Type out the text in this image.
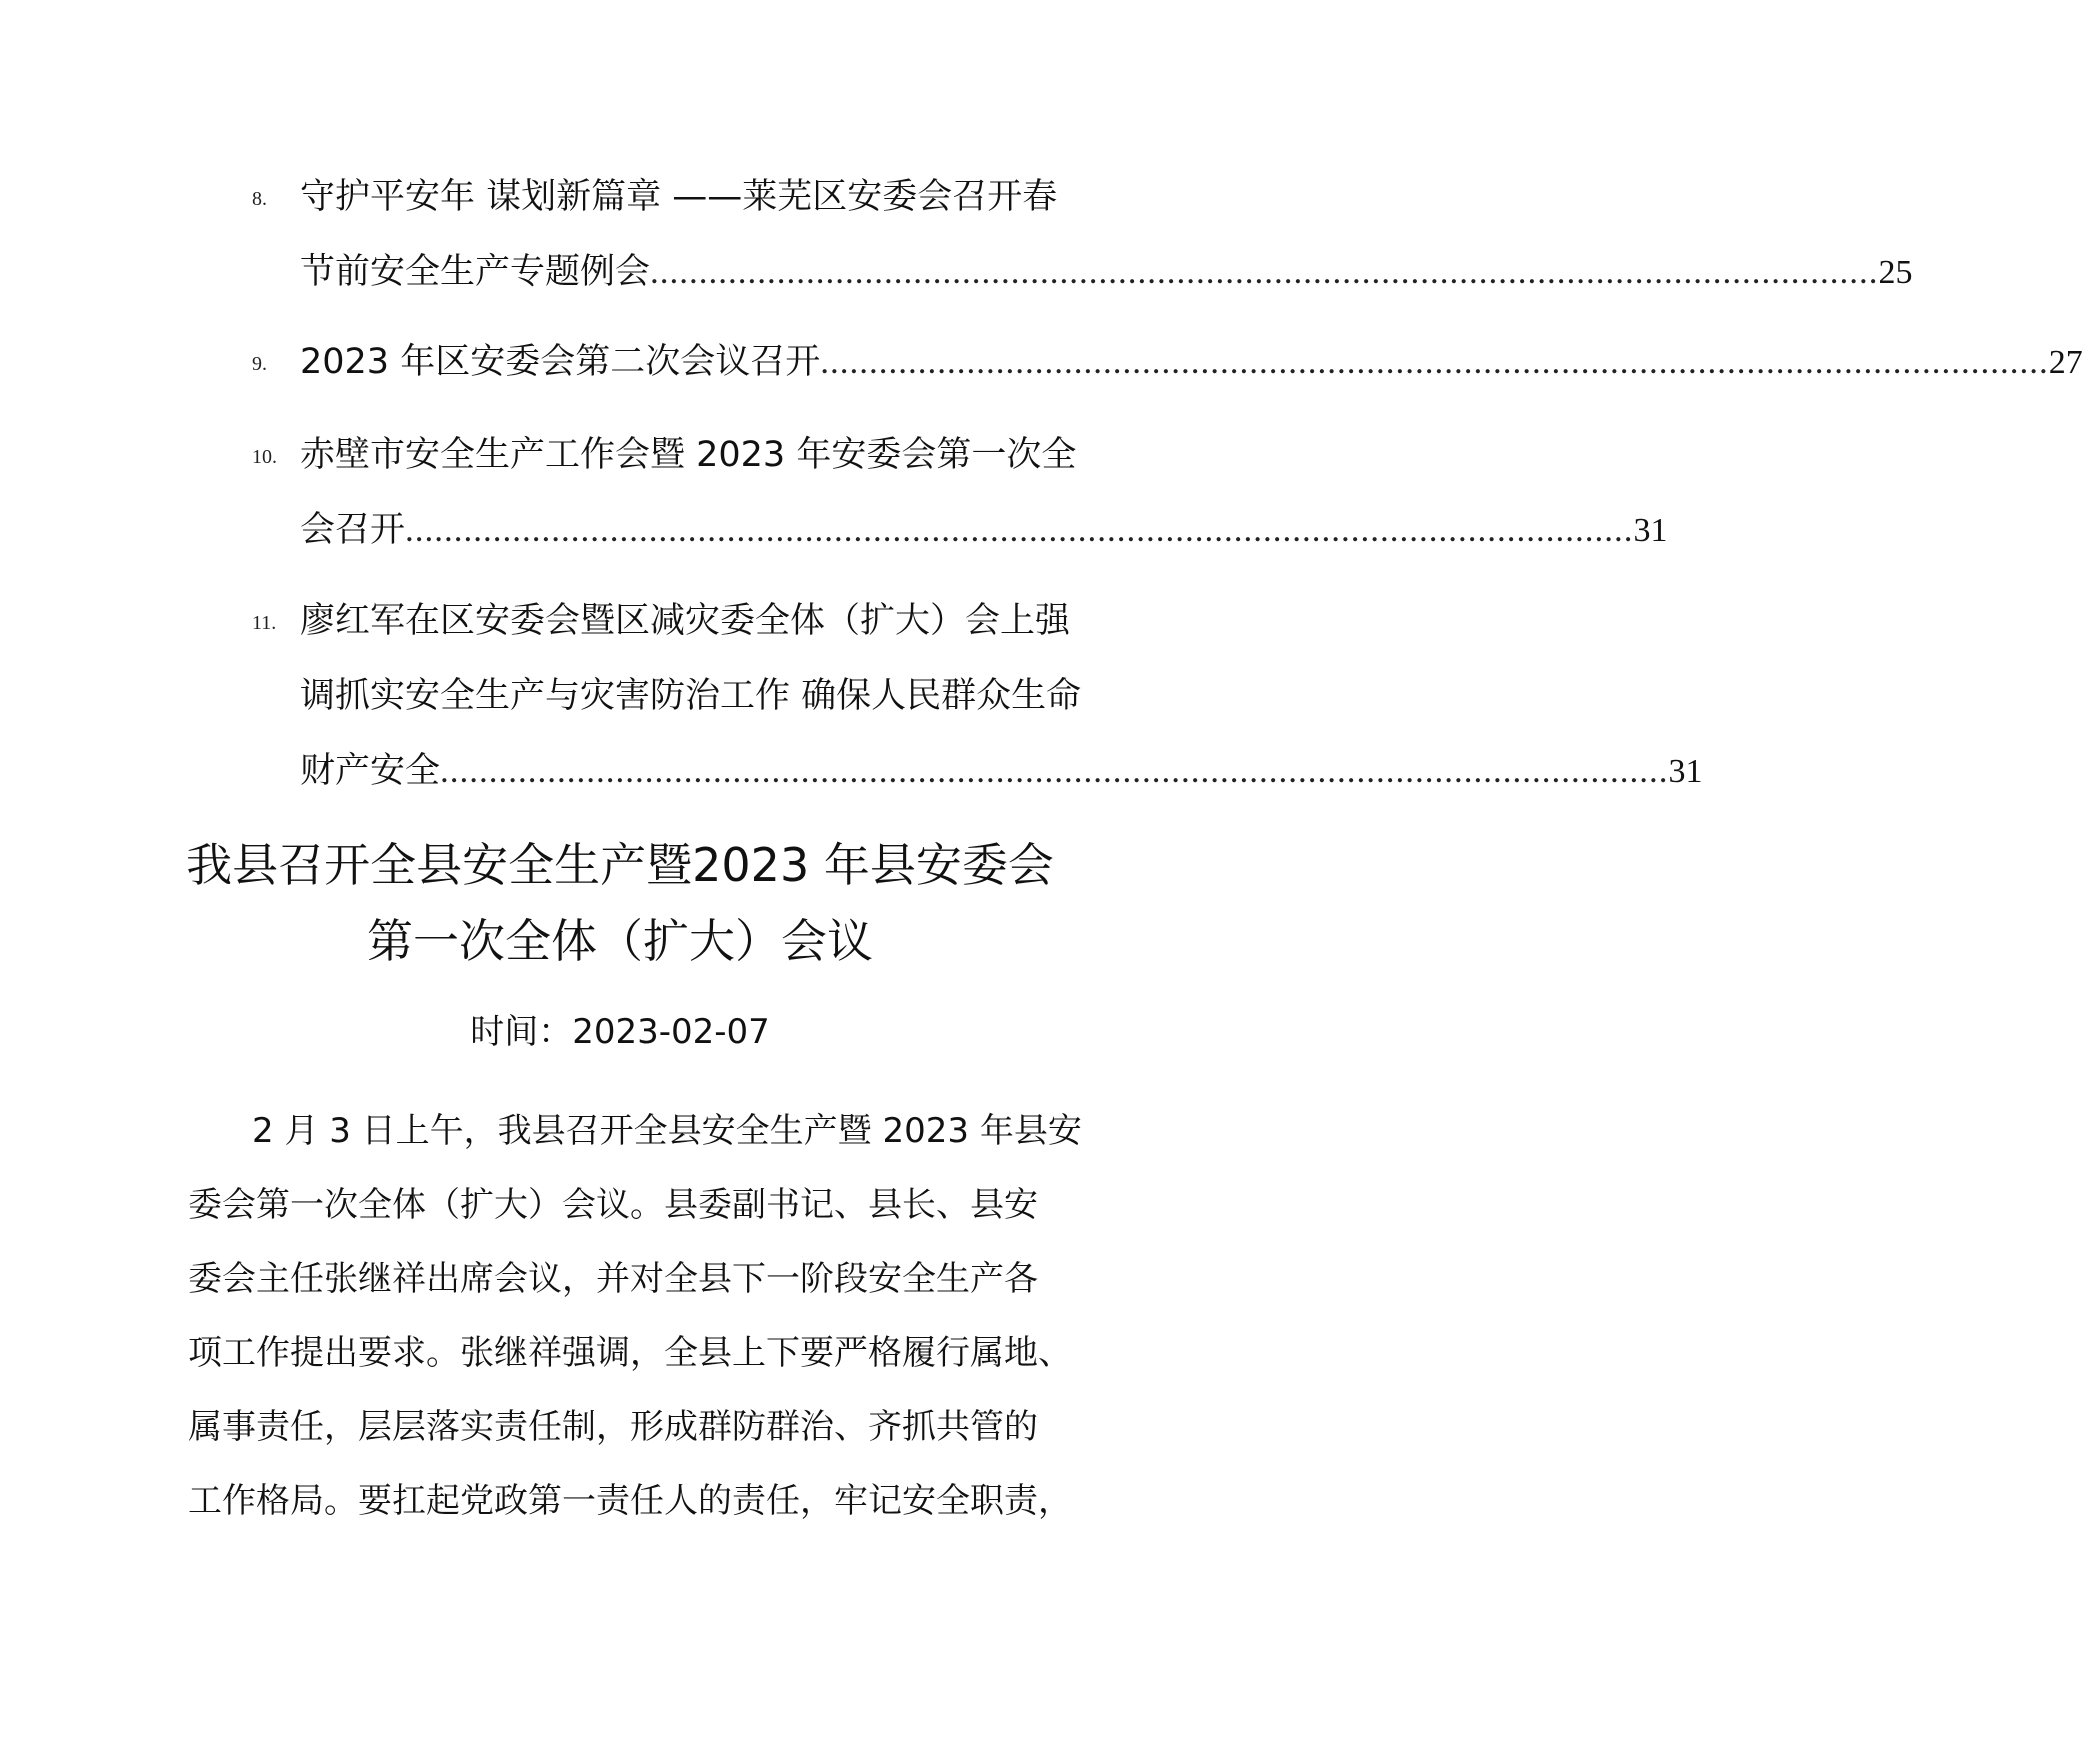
8. 守护平安年 谋划新篇章 ——莱芜区安委会召开春
节前安全生产专题例会 .............................................................................................................................. 25
9. 2023 年区安委会第二次会议召开 .............................................................................................................................. 27
10. 赤壁市安全生产工作会暨 2023 年安委会第一次全
会召开 .............................................................................................................................. 31
11. 廖红军在区安委会暨区减灾委全体（扩大）会上强
调抓实安全生产与灾害防治工作 确保人民群众生命
财产安全 .............................................................................................................................. 31
我县召开全县安全生产暨2023 年县安委会
第一次全体（扩大）会议
时间：2023-02-07
2 月 3 日上午，我县召开全县安全生产暨 2023 年县安
委会第一次全体（扩大）会议。县委副书记、县长、县安
委会主任张继祥出席会议，并对全县下一阶段安全生产各
项工作提出要求。张继祥强调，全县上下要严格履行属地、
属事责任，层层落实责任制，形成群防群治、齐抓共管的
工作格局。要扛起党政第一责任人的责任，牢记安全职责，
